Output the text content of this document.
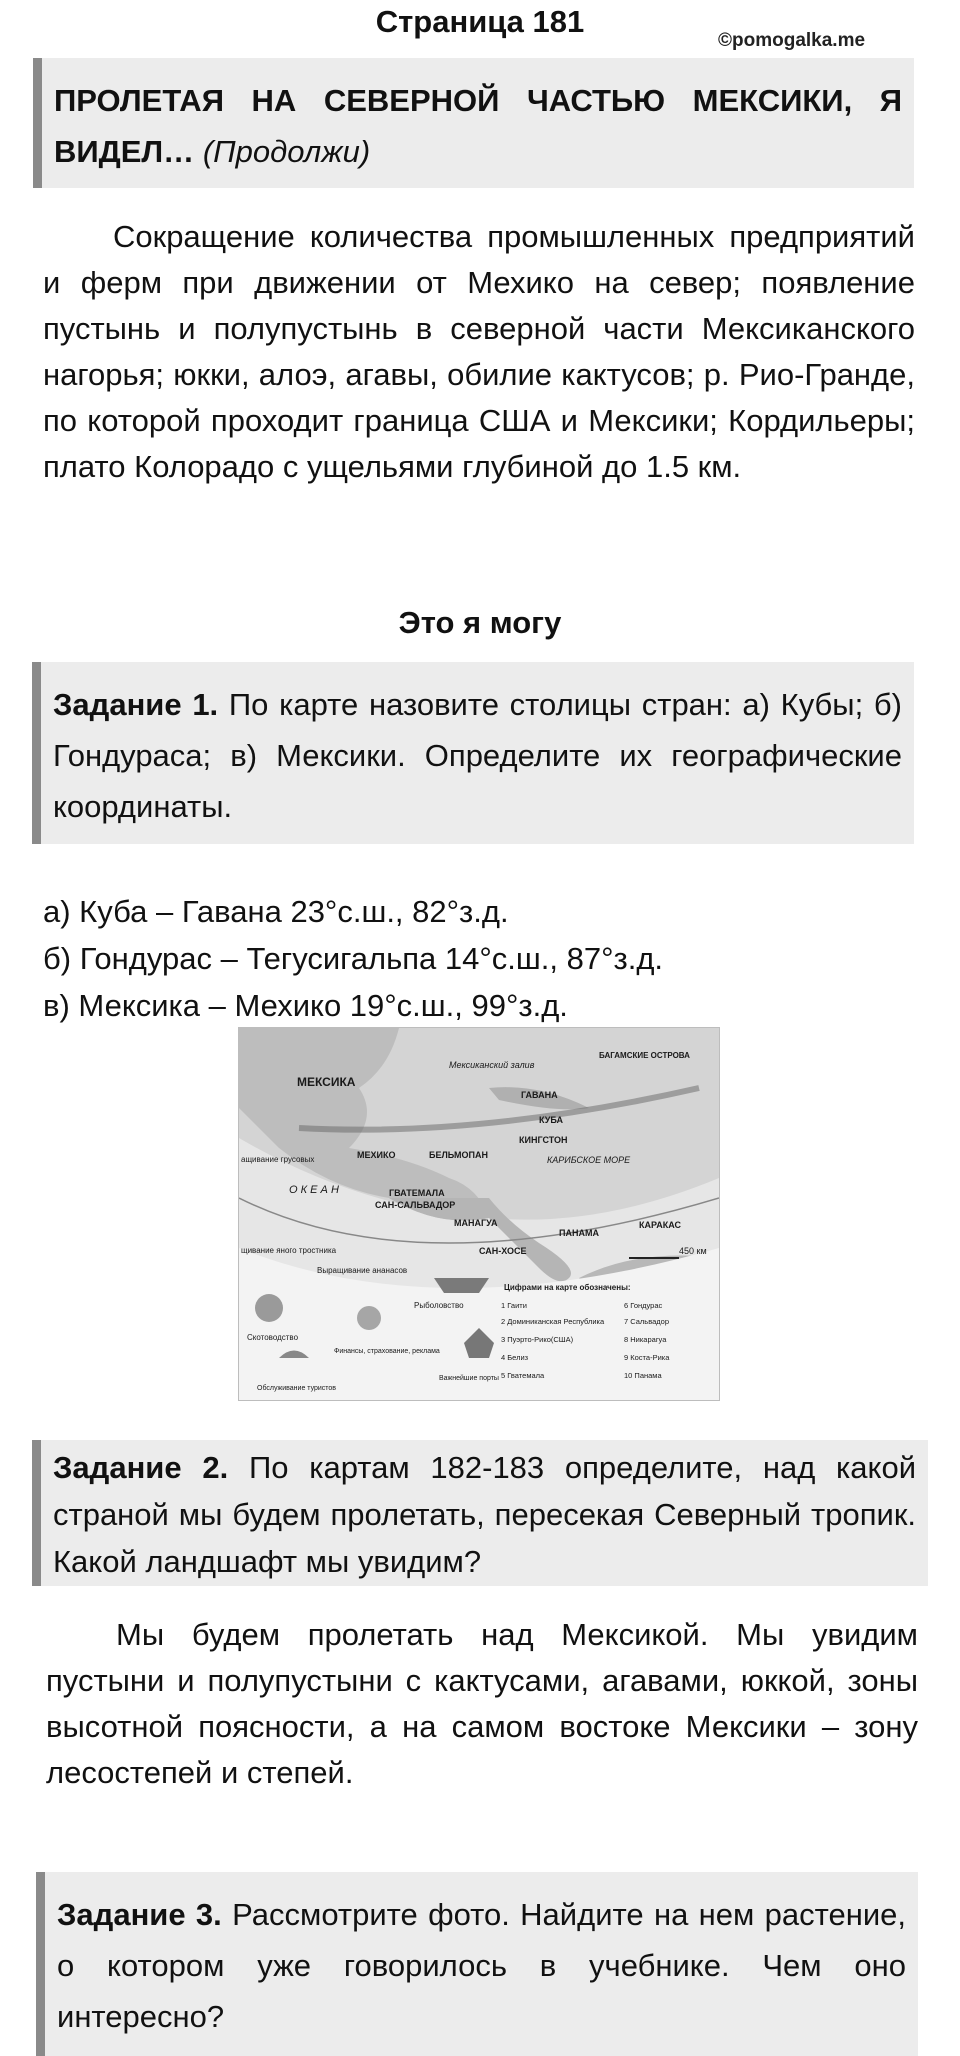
Страница 181
©pomogalka.me

ПРОЛЕТАЯ НА СЕВЕРНОЙ ЧАСТЬЮ МЕКСИКИ, Я ВИДЕЛ… (Продолжи)

Сокращение количества промышленных предприятий и ферм при движении от Мехико на север; появление пустынь и полупустынь в северной части Мексиканского нагорья; юкки, алоэ, агавы, обилие кактусов; р. Рио-Гранде, по которой проходит граница США и Мексики; Кордильеры; плато Колорадо с ущельями глубиной до 1.5 км.

Это я могу

Задание 1. По карте назовите столицы стран: а) Кубы; б) Гондураса; в) Мексики. Определите их географические координаты.

а) Куба – Гавана 23°с.ш., 82°з.д.
б) Гондурас – Тегусигальпа 14°с.ш., 87°з.д.
в) Мексика – Мехико 19°с.ш., 99°з.д.
МЕКСИКА
Мексиканский залив
ГАВАНА
КУБА
МЕХИКО	БЕЛЬМОПАН
ГВАТЕМАЛА
САН-САЛЬВАДОР
МАНАГУА
САН-ХОСЕ
ПАНАМА
КИНГСТОН
КАРИБСКОЕ МОРЕ
КАРАКАС
БАГАМСКИЕ ОСТРОВА
О К Е А Н
450 км
ащивание грусовых
щивание яного тростника
Выращивание ананасов
Рыболовство
Скотоводство
Финансы, страхование, реклама
Обслуживание туристов
Важнейшие порты
Цифрами на карте обозначены:
1 Гаити
2 Доминиканская Республика
3 Пуэрто-Рико(США)
4 Белиз
5 Гватемала
6 Гондурас
7 Сальвадор
8 Никарагуа
9 Коста-Рика
10 Панама

Задание 2. По картам 182-183 определите, над какой страной мы будем пролетать, пересекая Северный тропик. Какой ландшафт мы увидим?

Мы будем пролетать над Мексикой. Мы увидим пустыни и полупустыни с кактусами, агавами, юккой, зоны высотной поясности, а на самом востоке Мексики – зону лесостепей и степей.

Задание 3. Рассмотрите фото. Найдите на нем растение, о котором уже говорилось в учебнике. Чем оно интересно?
